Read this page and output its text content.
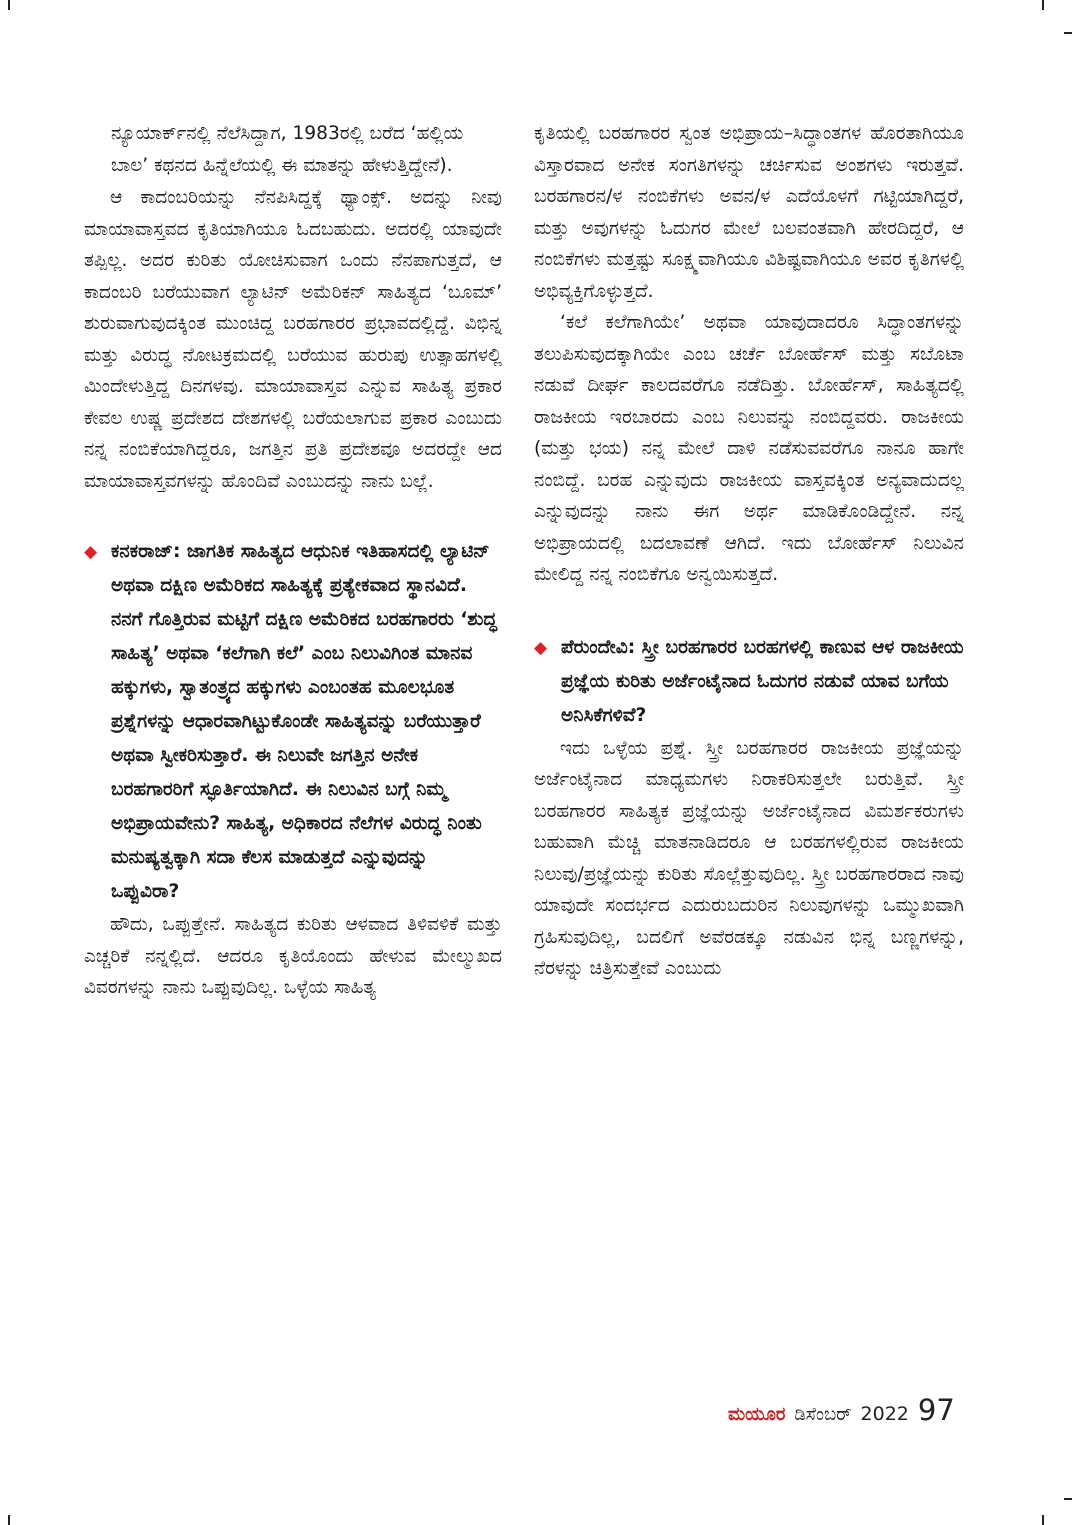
ನ್ಯೂಯಾರ್ಕ್‌ನಲ್ಲಿ ನೆಲೆಸಿದ್ದಾಗ, 1983ರಲ್ಲಿ ಬರೆದ ‘ಹಲ್ಲಿಯ ಬಾಲ’ ಕಥನದ ಹಿನ್ನೆಲೆಯಲ್ಲಿ ಈ ಮಾತನ್ನು ಹೇಳುತ್ತಿದ್ದೇನೆ).

ಆ ಕಾದಂಬರಿಯನ್ನು ನೆನಪಿಸಿದ್ದಕ್ಕೆ ಥ್ಯಾಂಕ್ಸ್. ಅದನ್ನು ನೀವು ಮಾಯಾವಾಸ್ತವದ ಕೃತಿಯಾಗಿಯೂ ಓದಬಹುದು. ಅದರಲ್ಲಿ ಯಾವುದೇ ತಪ್ಪಿಲ್ಲ. ಅದರ ಕುರಿತು ಯೋಚಿಸುವಾಗ ಒಂದು ನೆನಪಾಗುತ್ತದೆ, ಆ ಕಾದಂಬರಿ ಬರೆಯುವಾಗ ಲ್ಯಾಟಿನ್ ಅಮೆರಿಕನ್ ಸಾಹಿತ್ಯದ ‘ಬೂಮ್’ ಶುರುವಾಗುವುದಕ್ಕಿಂತ ಮುಂಚಿದ್ದ ಬರಹಗಾರರ ಪ್ರಭಾವದಲ್ಲಿದ್ದೆ. ವಿಭಿನ್ನ ಮತ್ತು ವಿರುದ್ಧ ನೋಟಕ್ರಮದಲ್ಲಿ ಬರೆಯುವ ಹುರುಪು ಉತ್ಸಾಹಗಳಲ್ಲಿ ಮಿಂದೇಳುತ್ತಿದ್ದ ದಿನಗಳವು. ಮಾಯಾವಾಸ್ತವ ಎನ್ನುವ ಸಾಹಿತ್ಯ ಪ್ರಕಾರ ಕೇವಲ ಉಷ್ಣ ಪ್ರದೇಶದ ದೇಶಗಳಲ್ಲಿ ಬರೆಯಲಾಗುವ ಪ್ರಕಾರ ಎಂಬುದು ನನ್ನ ನಂಬಿಕೆಯಾಗಿದ್ದರೂ, ಜಗತ್ತಿನ ಪ್ರತಿ ಪ್ರದೇಶವೂ ಅದರದ್ದೇ ಆದ ಮಾಯಾವಾಸ್ತವಗಳನ್ನು ಹೊಂದಿವೆ ಎಂಬುದನ್ನು ನಾನು ಬಲ್ಲೆ.

◆ ಕನಕರಾಜ್: ಜಾಗತಿಕ ಸಾಹಿತ್ಯದ ಆಧುನಿಕ ಇತಿಹಾಸದಲ್ಲಿ ಲ್ಯಾಟಿನ್ ಅಥವಾ ದಕ್ಷಿಣ ಅಮೆರಿಕದ ಸಾಹಿತ್ಯಕ್ಕೆ ಪ್ರತ್ಯೇಕವಾದ ಸ್ಥಾನವಿದೆ. ನನಗೆ ಗೊತ್ತಿರುವ ಮಟ್ಟಿಗೆ ದಕ್ಷಿಣ ಅಮೆರಿಕದ ಬರಹಗಾರರು ‘ಶುದ್ಧ ಸಾಹಿತ್ಯ’ ಅಥವಾ ‘ಕಲೆಗಾಗಿ ಕಲೆ’ ಎಂಬ ನಿಲುವಿಗಿಂತ ಮಾನವ ಹಕ್ಕುಗಳು, ಸ್ವಾತಂತ್ರ್ಯದ ಹಕ್ಕುಗಳು ಎಂಬಂತಹ ಮೂಲಭೂತ ಪ್ರಶ್ನೆಗಳನ್ನು ಆಧಾರವಾಗಿಟ್ಟುಕೊಂಡೇ ಸಾಹಿತ್ಯವನ್ನು ಬರೆಯುತ್ತಾರೆ ಅಥವಾ ಸ್ವೀಕರಿಸುತ್ತಾರೆ. ಈ ನಿಲುವೇ ಜಗತ್ತಿನ ಅನೇಕ ಬರಹಗಾರರಿಗೆ ಸ್ಫೂರ್ತಿಯಾಗಿದೆ. ಈ ನಿಲುವಿನ ಬಗ್ಗೆ ನಿಮ್ಮ ಅಭಿಪ್ರಾಯವೇನು? ಸಾಹಿತ್ಯ, ಅಧಿಕಾರದ ನೆಲೆಗಳ ವಿರುದ್ಧ ನಿಂತು ಮನುಷ್ಯತ್ವಕ್ಕಾಗಿ ಸದಾ ಕೆಲಸ ಮಾಡುತ್ತದೆ ಎನ್ನುವುದನ್ನು ಒಪ್ಪುವಿರಾ?

ಹೌದು, ಒಪ್ಪುತ್ತೇನೆ. ಸಾಹಿತ್ಯದ ಕುರಿತು ಆಳವಾದ ತಿಳಿವಳಿಕೆ ಮತ್ತು ಎಚ್ಚರಿಕೆ ನನ್ನಲ್ಲಿದೆ. ಆದರೂ ಕೃತಿಯೊಂದು ಹೇಳುವ ಮೇಲ್ಮುಖದ ವಿವರಗಳನ್ನು ನಾನು ಒಪ್ಪುವುದಿಲ್ಲ. ಒಳ್ಳೆಯ ಸಾಹಿತ್ಯ

ಕೃತಿಯಲ್ಲಿ ಬರಹಗಾರರ ಸ್ವಂತ ಅಭಿಪ್ರಾಯ–ಸಿದ್ಧಾಂತಗಳ ಹೊರತಾಗಿಯೂ ವಿಸ್ತಾರವಾದ ಅನೇಕ ಸಂಗತಿಗಳನ್ನು ಚರ್ಚಿಸುವ ಅಂಶಗಳು ಇರುತ್ತವೆ. ಬರಹಗಾರನ/ಳ ನಂಬಿಕೆಗಳು ಅವನ/ಳ ಎದೆಯೊಳಗೆ ಗಟ್ಟಿಯಾಗಿದ್ದರೆ, ಮತ್ತು ಅವುಗಳನ್ನು ಓದುಗರ ಮೇಲೆ ಬಲವಂತವಾಗಿ ಹೇರದಿದ್ದರೆ, ಆ ನಂಬಿಕೆಗಳು ಮತ್ತಷ್ಟು ಸೂಕ್ಷ್ಮವಾಗಿಯೂ ವಿಶಿಷ್ಟವಾಗಿಯೂ ಅವರ ಕೃತಿಗಳಲ್ಲಿ ಅಭಿವ್ಯಕ್ತಿಗೊಳ್ಳುತ್ತದೆ.

‘ಕಲೆ ಕಲೆಗಾಗಿಯೇ’ ಅಥವಾ ಯಾವುದಾದರೂ ಸಿದ್ಧಾಂತಗಳನ್ನು ತಲುಪಿಸುವುದಕ್ಕಾಗಿಯೇ ಎಂಬ ಚರ್ಚೆ ಬೋರ್ಹೆಸ್ ಮತ್ತು ಸಬೊಟಾ ನಡುವೆ ದೀರ್ಘ ಕಾಲದವರೆಗೂ ನಡೆದಿತ್ತು. ಬೋರ್ಹೆಸ್, ಸಾಹಿತ್ಯದಲ್ಲಿ ರಾಜಕೀಯ ಇರಬಾರದು ಎಂಬ ನಿಲುವನ್ನು ನಂಬಿದ್ದವರು. ರಾಜಕೀಯ (ಮತ್ತು ಭಯ) ನನ್ನ ಮೇಲೆ ದಾಳಿ ನಡೆಸುವವರೆಗೂ ನಾನೂ ಹಾಗೇ ನಂಬಿದ್ದೆ. ಬರಹ ಎನ್ನುವುದು ರಾಜಕೀಯ ವಾಸ್ತವಕ್ಕಿಂತ ಅನ್ಯವಾದುದಲ್ಲ ಎನ್ನುವುದನ್ನು ನಾನು ಈಗ ಅರ್ಥ ಮಾಡಿಕೊಂಡಿದ್ದೇನೆ. ನನ್ನ ಅಭಿಪ್ರಾಯದಲ್ಲಿ ಬದಲಾವಣೆ ಆಗಿದೆ. ಇದು ಬೋರ್ಹೆಸ್ ನಿಲುವಿನ ಮೇಲಿದ್ದ ನನ್ನ ನಂಬಿಕೆಗೂ ಅನ್ವಯಿಸುತ್ತದೆ.

◆ ಪೆರುಂದೇವಿ: ಸ್ತ್ರೀ ಬರಹಗಾರರ ಬರಹಗಳಲ್ಲಿ ಕಾಣುವ ಆಳ ರಾಜಕೀಯ ಪ್ರಜ್ಞೆಯ ಕುರಿತು ಅರ್ಜೆಂಟೈನಾದ ಓದುಗರ ನಡುವೆ ಯಾವ ಬಗೆಯ ಅನಿಸಿಕೆಗಳಿವೆ?

ಇದು ಒಳ್ಳೆಯ ಪ್ರಶ್ನೆ. ಸ್ತ್ರೀ ಬರಹಗಾರರ ರಾಜಕೀಯ ಪ್ರಜ್ಞೆಯನ್ನು ಅರ್ಜೆಂಟೈನಾದ ಮಾಧ್ಯಮಗಳು ನಿರಾಕರಿಸುತ್ತಲೇ ಬರುತ್ತಿವೆ. ಸ್ತ್ರೀ ಬರಹಗಾರರ ಸಾಹಿತ್ಯಕ ಪ್ರಜ್ಞೆಯನ್ನು ಅರ್ಜೆಂಟೈನಾದ ವಿಮರ್ಶಕರುಗಳು ಬಹುವಾಗಿ ಮೆಚ್ಚಿ ಮಾತನಾಡಿದರೂ ಆ ಬರಹಗಳಲ್ಲಿರುವ ರಾಜಕೀಯ ನಿಲುವು/ಪ್ರಜ್ಞೆಯನ್ನು ಕುರಿತು ಸೊಲ್ಲೆತ್ತುವುದಿಲ್ಲ. ಸ್ತ್ರೀ ಬರಹಗಾರರಾದ ನಾವು ಯಾವುದೇ ಸಂದರ್ಭದ ಎದುರುಬದುರಿನ ನಿಲುವುಗಳನ್ನು ಒಮ್ಮುಖವಾಗಿ ಗ್ರಹಿಸುವುದಿಲ್ಲ, ಬದಲಿಗೆ ಅವೆರಡಕ್ಕೂ ನಡುವಿನ ಭಿನ್ನ ಬಣ್ಣಗಳನ್ನು, ನೆರಳನ್ನು ಚಿತ್ರಿಸುತ್ತೇವೆ ಎಂಬುದು

ಮಯೂರ ಡಿಸೆಂಬರ್ 2022 97
